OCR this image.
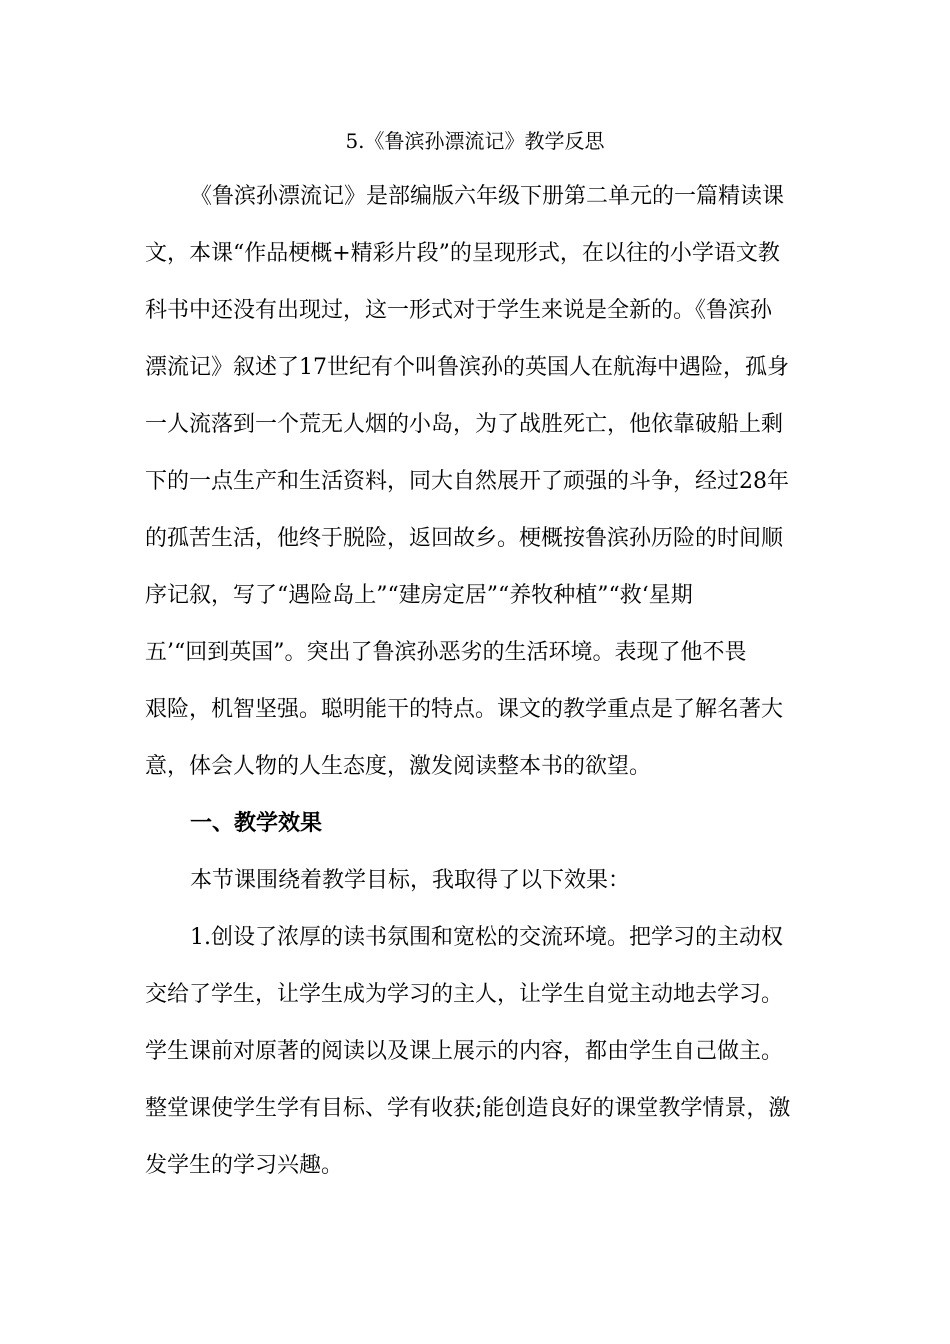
5.《鲁滨孙漂流记》教学反思
《鲁滨孙漂流记》是部编版六年级下册第二单元的一篇精读课
文，本课“作品梗概+精彩片段”的呈现形式，在以往的小学语文教
科书中还没有出现过，这一形式对于学生来说是全新的。《鲁滨孙
漂流记》叙述了17世纪有个叫鲁滨孙的英国人在航海中遇险，孤身
一人流落到一个荒无人烟的小岛，为了战胜死亡，他依靠破船上剩
下的一点生产和生活资料，同大自然展开了顽强的斗争，经过28年
的孤苦生活，他终于脱险，返回故乡。梗概按鲁滨孙历险的时间顺
序记叙，写了“遇险岛上”“建房定居”“养牧种植”“救‘星期
五’“回到英国”。突出了鲁滨孙恶劣的生活环境。表现了他不畏
艰险，机智坚强。聪明能干的特点。课文的教学重点是了解名著大
意，体会人物的人生态度，激发阅读整本书的欲望。
一、教学效果
本节课围绕着教学目标，我取得了以下效果：
1.创设了浓厚的读书氛围和宽松的交流环境。把学习的主动权
交给了学生，让学生成为学习的主人，让学生自觉主动地去学习。
学生课前对原著的阅读以及课上展示的内容，都由学生自己做主。
整堂课使学生学有目标、学有收获;能创造良好的课堂教学情景，激
发学生的学习兴趣。
